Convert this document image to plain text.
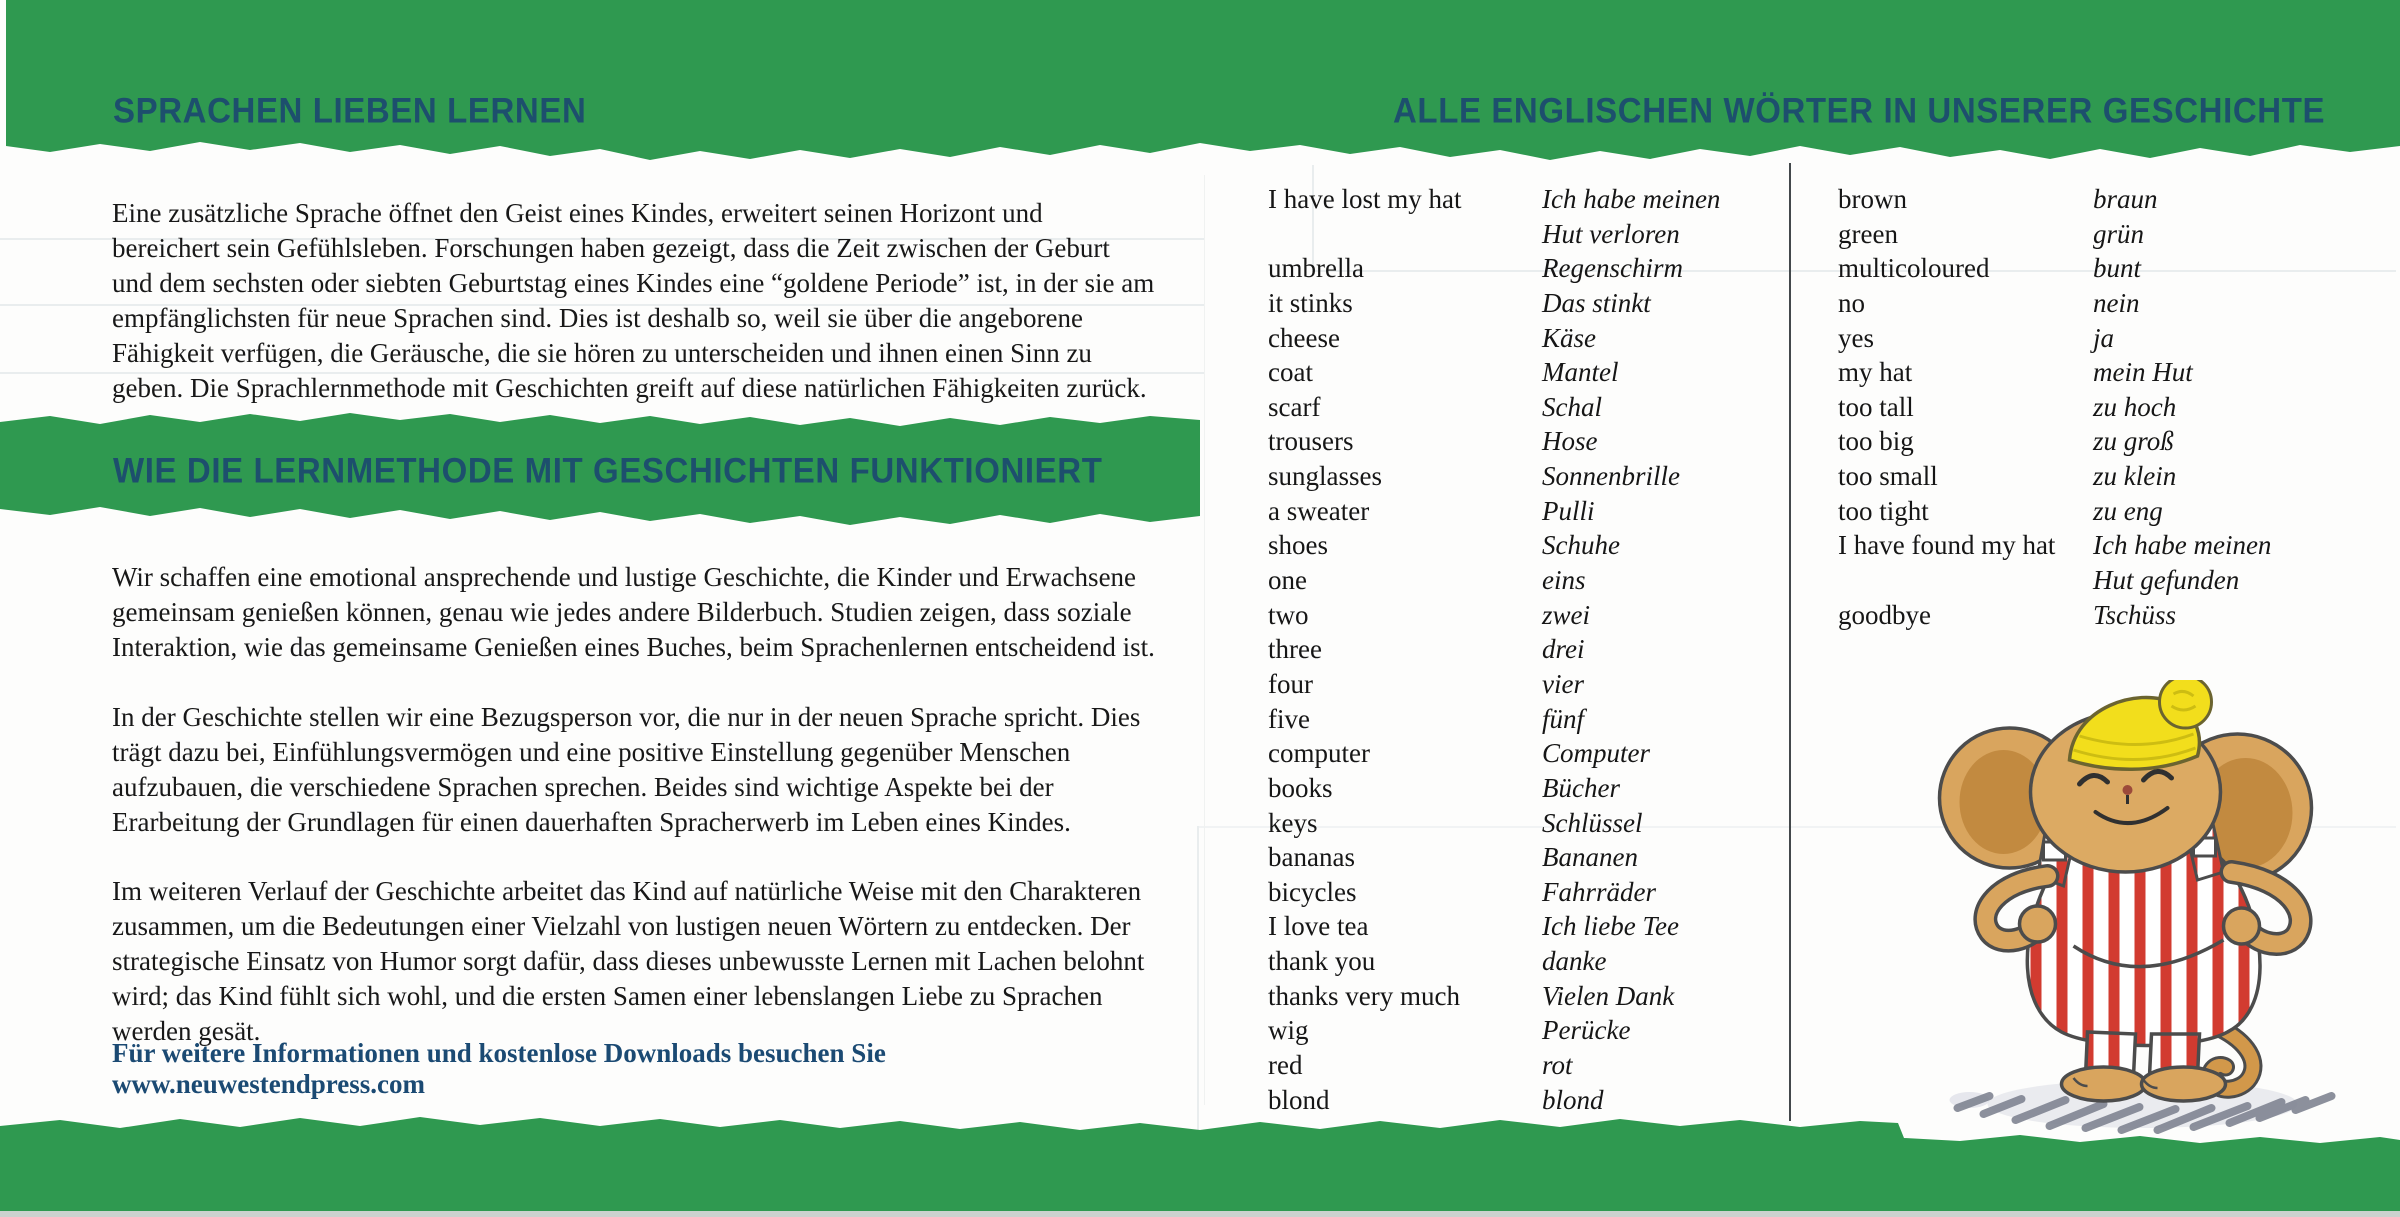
SPRACHEN LIEBEN LERNEN
Eine zusätzliche Sprache öffnet den Geist eines Kindes, erweitert seinen Horizont und bereichert sein Gefühlsleben. Forschungen haben gezeigt, dass die Zeit zwischen der Geburt und dem sechsten oder siebten Geburtstag eines Kindes eine “goldene Periode” ist, in der sie am empfänglichsten für neue Sprachen sind. Dies ist deshalb so, weil sie über die angeborene Fähigkeit verfügen, die Geräusche, die sie hören zu unterscheiden und ihnen einen Sinn zu geben. Die Sprachlernmethode mit Geschichten greift auf diese natürlichen Fähigkeiten zurück.
WIE DIE LERNMETHODE MIT GESCHICHTEN FUNKTIONIERT
Wir schaffen eine emotional ansprechende und lustige Geschichte, die Kinder und Erwachsene gemeinsam genießen können, genau wie jedes andere Bilderbuch. Studien zeigen, dass soziale Interaktion, wie das gemeinsame Genießen eines Buches, beim Sprachenlernen entscheidend ist.
In der Geschichte stellen wir eine Bezugsperson vor, die nur in der neuen Sprache spricht. Dies trägt dazu bei, Einfühlungsvermögen und eine positive Einstellung gegenüber Menschen aufzubauen, die verschiedene Sprachen sprechen. Beides sind wichtige Aspekte bei der Erarbeitung der Grundlagen für einen dauerhaften Spracherwerb im Leben eines Kindes.
Im weiteren Verlauf der Geschichte arbeitet das Kind auf natürliche Weise mit den Charakteren zusammen, um die Bedeutungen einer Vielzahl von lustigen neuen Wörtern zu entdecken. Der strategische Einsatz von Humor sorgt dafür, dass dieses unbewusste Lernen mit Lachen belohnt wird; das Kind fühlt sich wohl, und die ersten Samen einer lebenslangen Liebe zu Sprachen werden gesät.
Für weitere Informationen und kostenlose Downloads besuchen Sie www.neuwestendpress.com
ALLE ENGLISCHEN WÖRTER IN UNSERER GESCHICHTE
I have lost my hat	Ich habe meinen
Hut verloren
umbrella	Regenschirm
it stinks	Das stinkt
cheese	Käse
coat	Mantel
scarf	Schal
trousers	Hose
sunglasses	Sonnenbrille
a sweater	Pulli
shoes	Schuhe
one	eins
two	zwei
three	drei
four	vier
five	fünf
computer	Computer
books	Bücher
keys	Schlüssel
bananas	Bananen
bicycles	Fahrräder
I love tea	Ich liebe Tee
thank you	danke
thanks very much	Vielen Dank
wig	Perücke
red	rot
blond	blond
brown	braun
green	grün
multicoloured	bunt
no	nein
yes	ja
my hat	mein Hut
too tall	zu hoch
too big	zu groß
too small	zu klein
too tight	zu eng
I have found my hat	Ich habe meinen
Hut gefunden
goodbye	Tschüss
